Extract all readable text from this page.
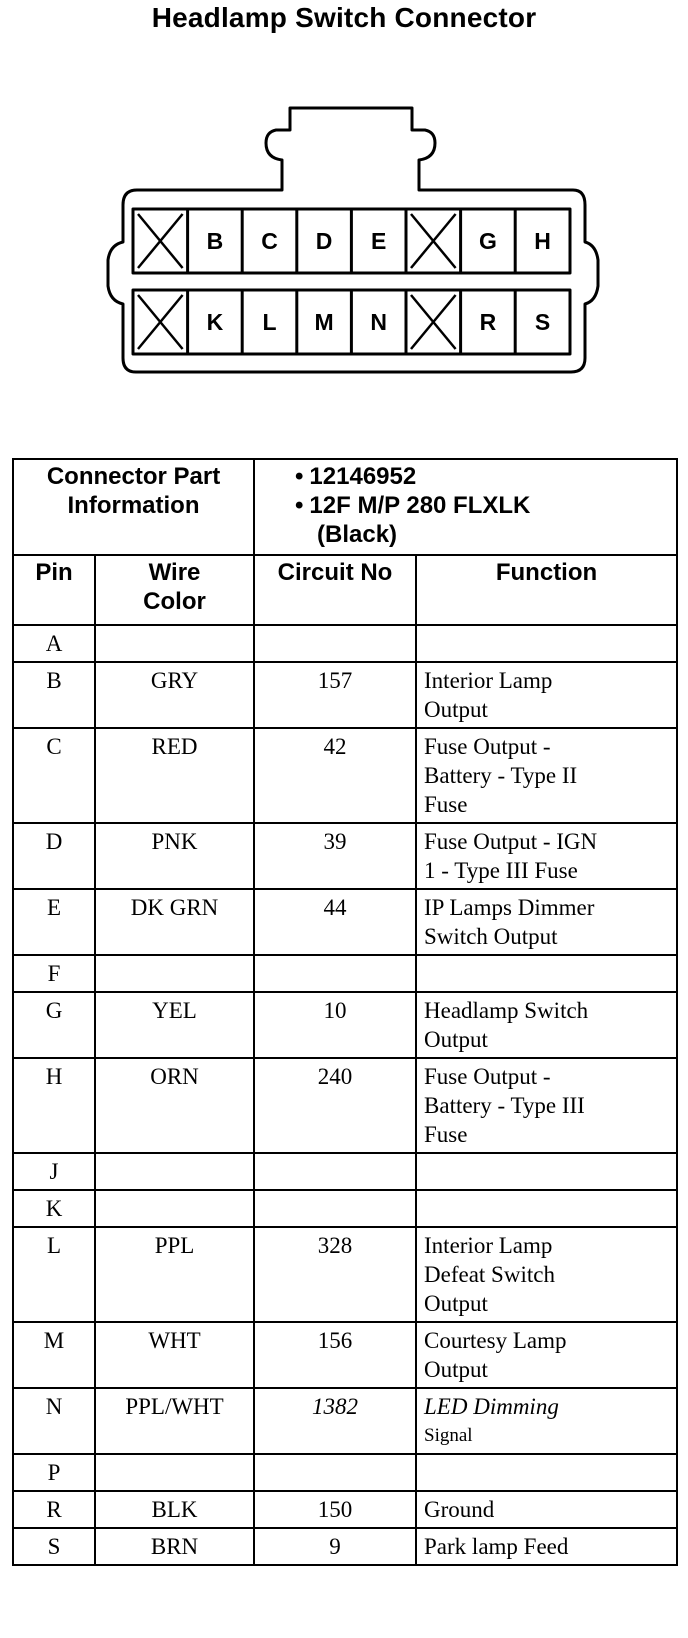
Headlamp Switch Connector
B C D E	G H
K L M N	R S
Connector Part
Information		• 12146952
• 12F M/P 280 FLXLK
(Black)

Pin	Wire
Color	Circuit No	Function
A			
B	GRY	157	Interior Lamp
Output

C	RED	42	Fuse Output -
Battery - Type II
Fuse

D	PNK	39	Fuse Output - IGN
1 - Type III Fuse

E	DK GRN	44	IP Lamps Dimmer
Switch Output

F			
G	YEL	10	Headlamp Switch
Output

H	ORN	240	Fuse Output -
Battery - Type III
Fuse

J			
K			
L	PPL	328	Interior Lamp
Defeat Switch
Output

M	WHT	156	Courtesy Lamp
Output

N	PPL/WHT	1382	LED Dimming
Signal

P			
R	BLK	150	Ground

S	BRN	9	Park lamp Feed
